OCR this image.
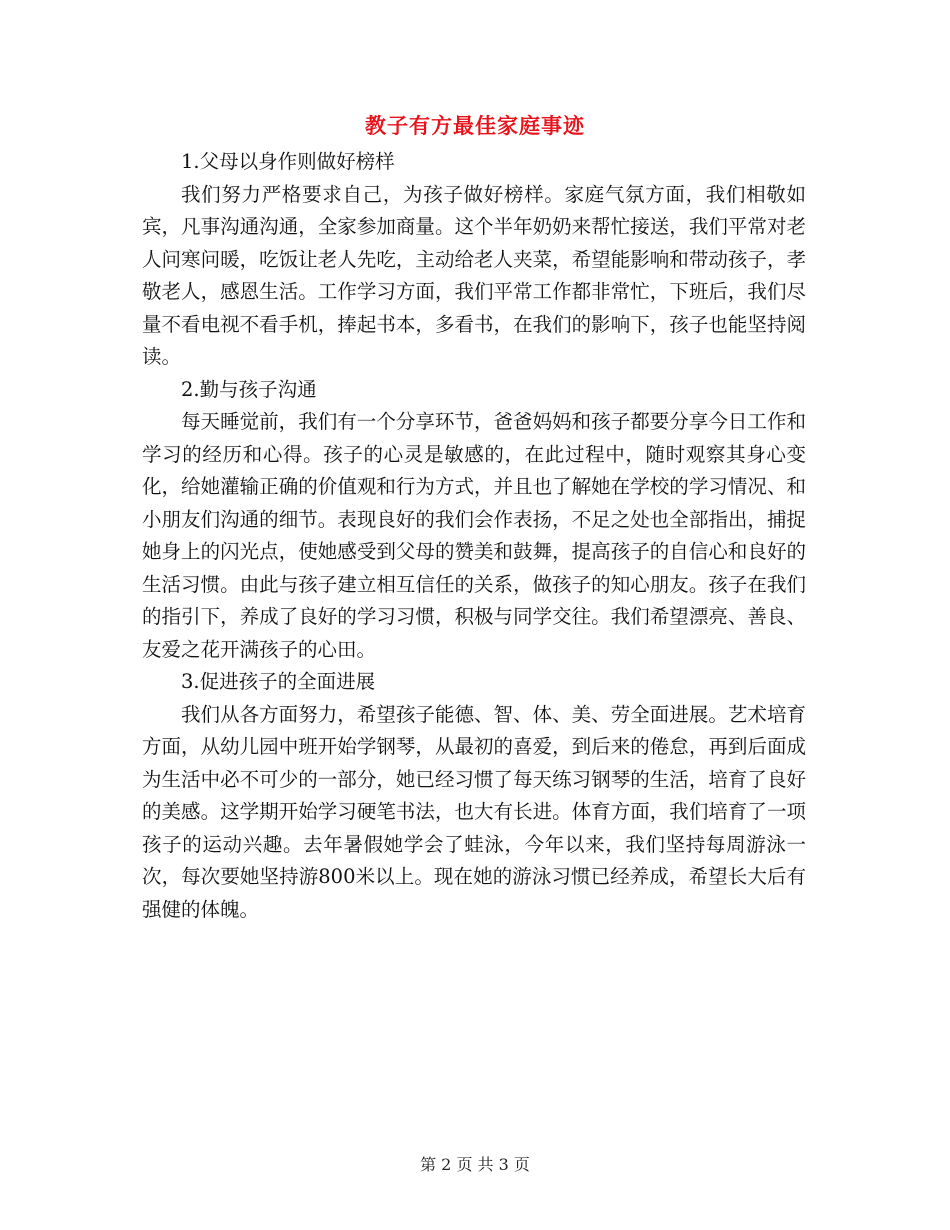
教子有方最佳家庭事迹

1.父母以身作则做好榜样

我们努力严格要求自己，为孩子做好榜样。家庭气氛方面，我们相敬如宾，凡事沟通沟通，全家参加商量。这个半年奶奶来帮忙接送，我们平常对老人问寒问暖，吃饭让老人先吃，主动给老人夹菜，希望能影响和带动孩子，孝敬老人，感恩生活。工作学习方面，我们平常工作都非常忙，下班后，我们尽量不看电视不看手机，捧起书本，多看书，在我们的影响下，孩子也能坚持阅读。

2.勤与孩子沟通

每天睡觉前，我们有一个分享环节，爸爸妈妈和孩子都要分享今日工作和学习的经历和心得。孩子的心灵是敏感的，在此过程中，随时观察其身心变化，给她灌输正确的价值观和行为方式，并且也了解她在学校的学习情况、和小朋友们沟通的细节。表现良好的我们会作表扬，不足之处也全部指出，捕捉她身上的闪光点，使她感受到父母的赞美和鼓舞，提高孩子的自信心和良好的生活习惯。由此与孩子建立相互信任的关系，做孩子的知心朋友。孩子在我们的指引下，养成了良好的学习习惯，积极与同学交往。我们希望漂亮、善良、友爱之花开满孩子的心田。

3.促进孩子的全面进展

我们从各方面努力，希望孩子能德、智、体、美、劳全面进展。艺术培育方面，从幼儿园中班开始学钢琴，从最初的喜爱，到后来的倦怠，再到后面成为生活中必不可少的一部分，她已经习惯了每天练习钢琴的生活，培育了良好的美感。这学期开始学习硬笔书法，也大有长进。体育方面，我们培育了一项孩子的运动兴趣。去年暑假她学会了蛙泳，今年以来，我们坚持每周游泳一次，每次要她坚持游800米以上。现在她的游泳习惯已经养成，希望长大后有强健的体魄。

第 2 页 共 3 页
